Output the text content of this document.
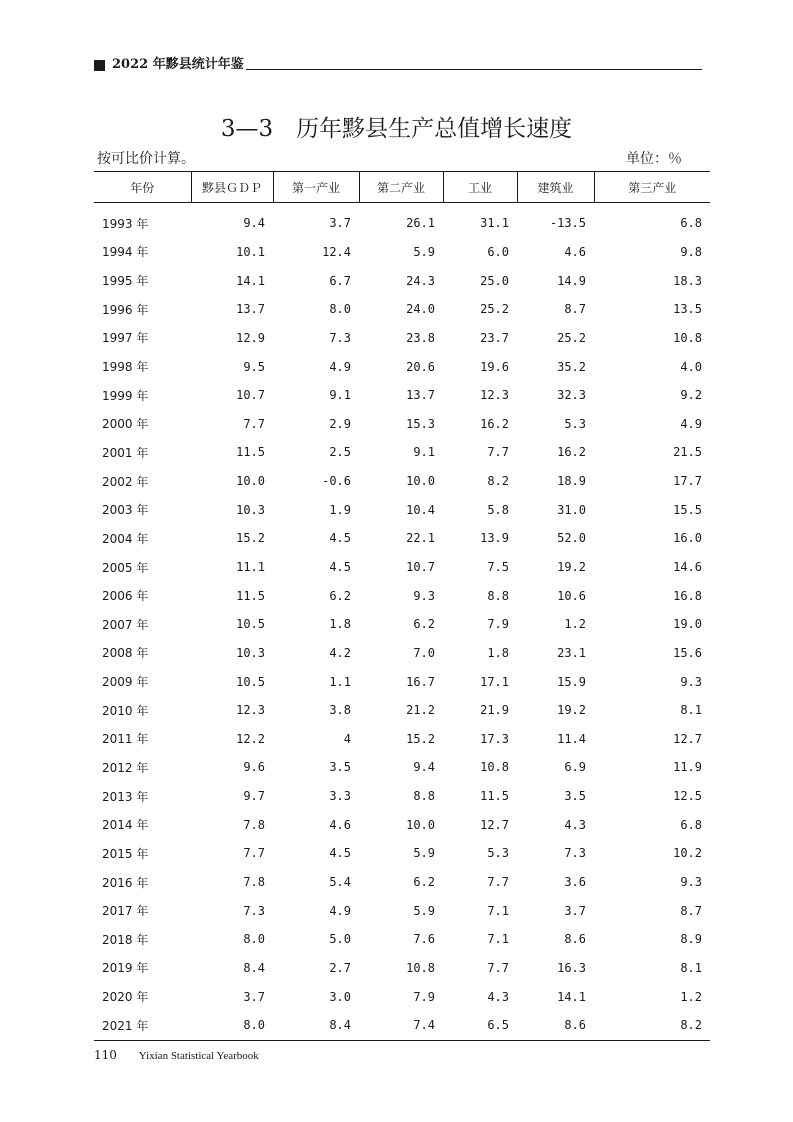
2022 年黟县统计年鉴
3—3　历年黟县生产总值增长速度
按可比价计算。	单位：％
年份	黟县ＧＤＰ	第一产业	第二产业	工业	建筑业	第三产业
1993 年	9.4	3.7	26.1	31.1	-13.5	6.8
1994 年	10.1	12.4	5.9	6.0	4.6	9.8
1995 年	14.1	6.7	24.3	25.0	14.9	18.3
1996 年	13.7	8.0	24.0	25.2	8.7	13.5
1997 年	12.9	7.3	23.8	23.7	25.2	10.8
1998 年	9.5	4.9	20.6	19.6	35.2	4.0
1999 年	10.7	9.1	13.7	12.3	32.3	9.2
2000 年	7.7	2.9	15.3	16.2	5.3	4.9
2001 年	11.5	2.5	9.1	7.7	16.2	21.5
2002 年	10.0	-0.6	10.0	8.2	18.9	17.7
2003 年	10.3	1.9	10.4	5.8	31.0	15.5
2004 年	15.2	4.5	22.1	13.9	52.0	16.0
2005 年	11.1	4.5	10.7	7.5	19.2	14.6
2006 年	11.5	6.2	9.3	8.8	10.6	16.8
2007 年	10.5	1.8	6.2	7.9	1.2	19.0
2008 年	10.3	4.2	7.0	1.8	23.1	15.6
2009 年	10.5	1.1	16.7	17.1	15.9	9.3
2010 年	12.3	3.8	21.2	21.9	19.2	8.1
2011 年	12.2	4	15.2	17.3	11.4	12.7
2012 年	9.6	3.5	9.4	10.8	6.9	11.9
2013 年	9.7	3.3	8.8	11.5	3.5	12.5
2014 年	7.8	4.6	10.0	12.7	4.3	6.8
2015 年	7.7	4.5	5.9	5.3	7.3	10.2
2016 年	7.8	5.4	6.2	7.7	3.6	9.3
2017 年	7.3	4.9	5.9	7.1	3.7	8.7
2018 年	8.0	5.0	7.6	7.1	8.6	8.9
2019 年	8.4	2.7	10.8	7.7	16.3	8.1
2020 年	3.7	3.0	7.9	4.3	14.1	1.2
2021 年	8.0	8.4	7.4	6.5	8.6	8.2
110 Yixian Statistical Yearbook
